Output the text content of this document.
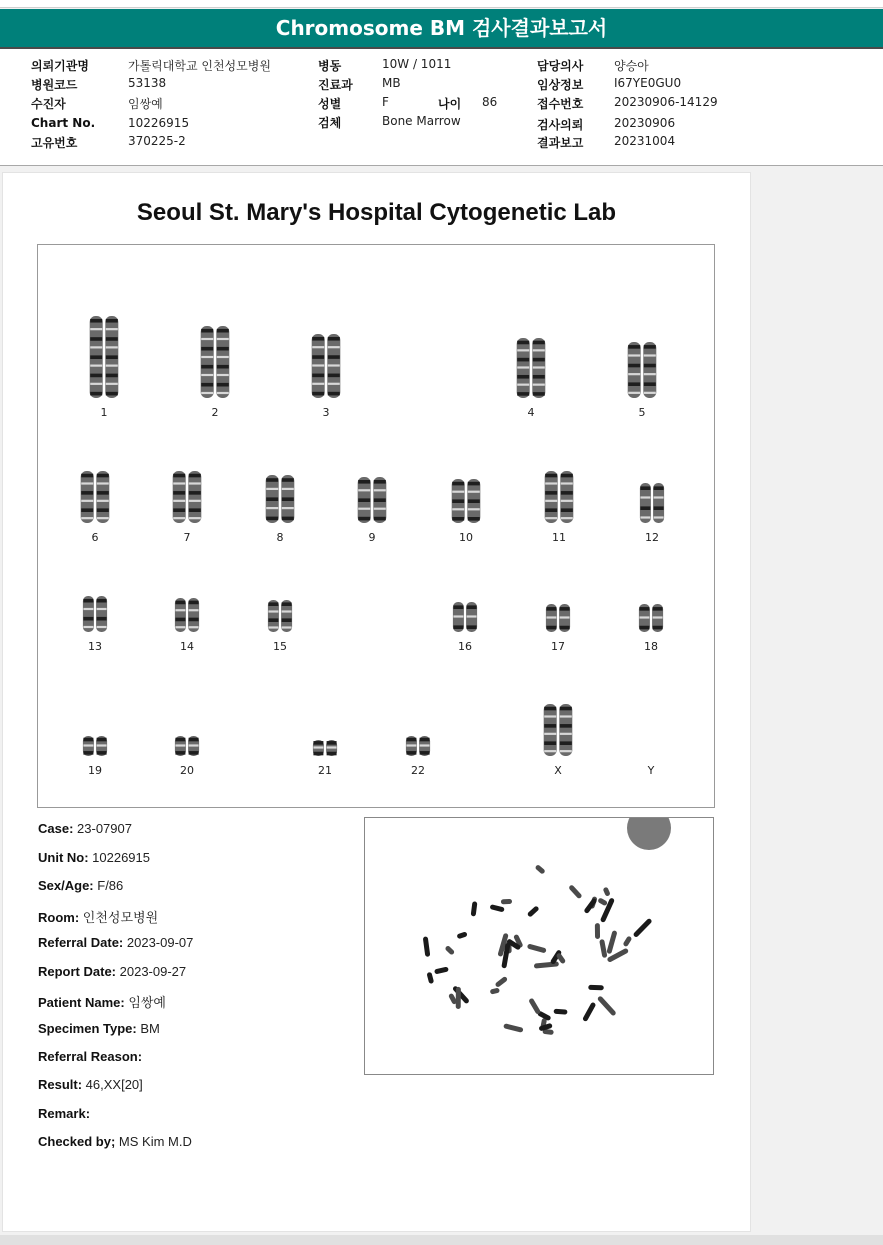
Chromosome BM 검사결과보고서
의뢰기관명	가톨릭대학교 인천성모병원
병원코드	53138
수진자	임쌍예
Chart No.	10226915
고유번호	370225-2
병동	10W / 1011
진료과 MB
성별	F	나이 86
검체	Bone Marrow
담당의사	양승아
임상정보	I67YE0GU0
접수번호	20230906-14129
검사의뢰	20230906
결과보고	20231004
Seoul St. Mary's Hospital Cytogenetic Lab
1	2	3	4	5
6	7	8	9	10	11	12
13	14	15	16	17	18
19	20	21	22	X	Y
Case: 23-07907
Unit No: 10226915
Sex/Age: F/86
Room: 인천성모병원
Referral Date: 2023-09-07
Report Date: 2023-09-27
Patient Name: 임쌍예
Specimen Type: BM
Referral Reason:
Result: 46,XX[20]
Remark:
Checked by; MS Kim M.D
